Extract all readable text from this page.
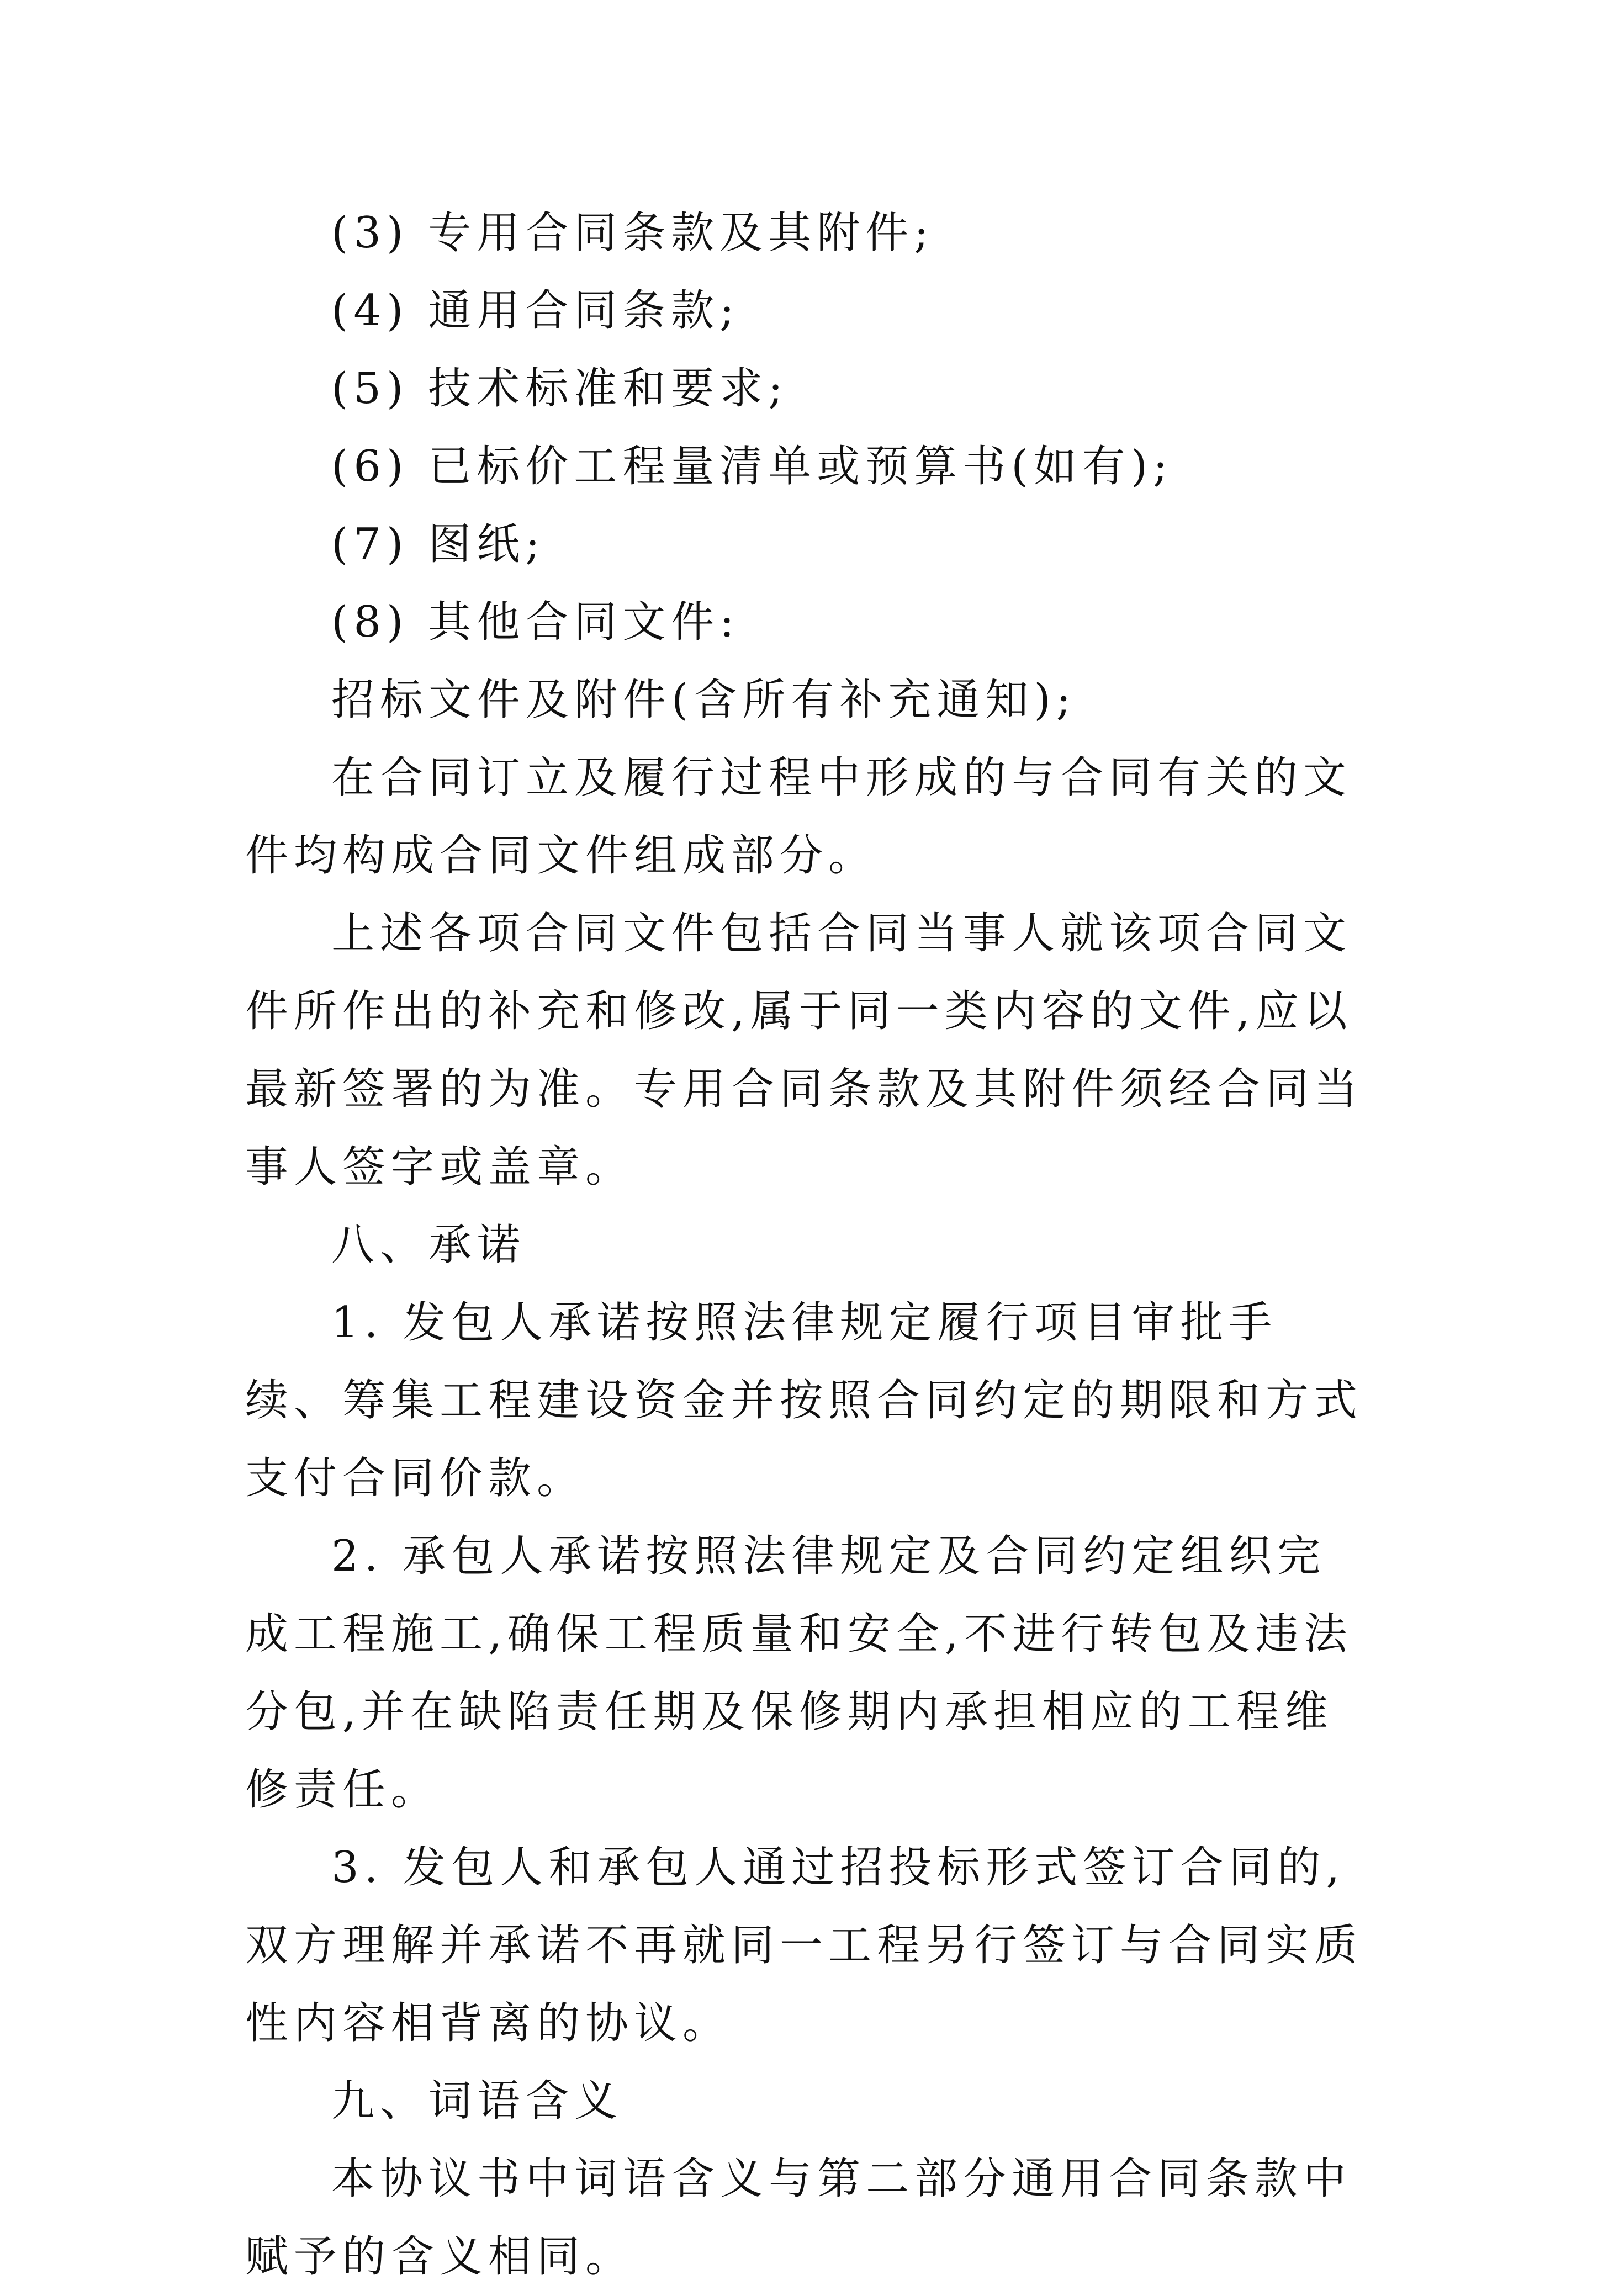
(3) 专用合同条款及其附件;

(4) 通用合同条款;

(5) 技术标准和要求;

(6) 已标价工程量清单或预算书(如有);

(7) 图纸;

(8) 其他合同文件:

招标文件及附件(含所有补充通知);

在合同订立及履行过程中形成的与合同有关的文件均构成合同文件组成部分。

上述各项合同文件包括合同当事人就该项合同文件所作出的补充和修改,属于同一类内容的文件,应以最新签署的为准。专用合同条款及其附件须经合同当事人签字或盖章。

八、承诺

1. 发包人承诺按照法律规定履行项目审批手续、筹集工程建设资金并按照合同约定的期限和方式支付合同价款。

2. 承包人承诺按照法律规定及合同约定组织完成工程施工,确保工程质量和安全,不进行转包及违法分包,并在缺陷责任期及保修期内承担相应的工程维修责任。

3. 发包人和承包人通过招投标形式签订合同的,双方理解并承诺不再就同一工程另行签订与合同实质性内容相背离的协议。

九、词语含义

本协议书中词语含义与第二部分通用合同条款中赋予的含义相同。
